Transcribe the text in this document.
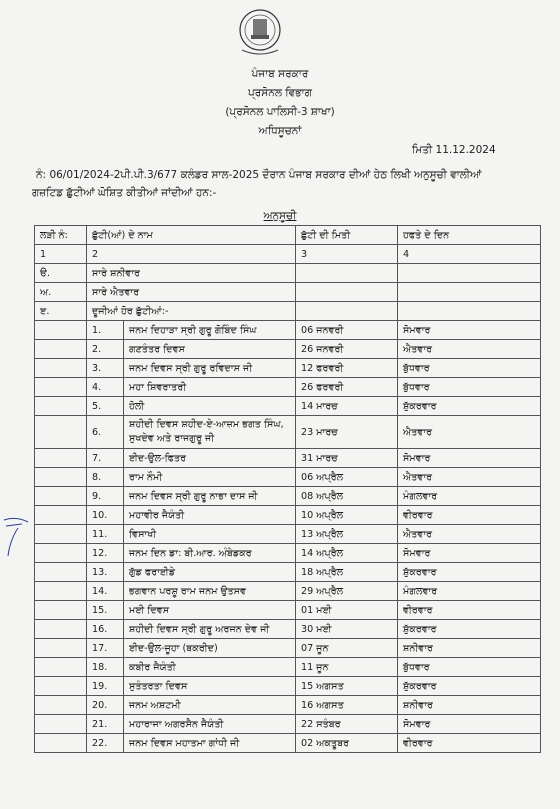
ਪੰਜਾਬ ਸਰਕਾਰ
ਪ੍ਰਸੋਨਲ ਵਿਭਾਗ
(ਪ੍ਰਸੋਨਲ ਪਾਲਿਸੀ-3 ਸ਼ਾਖਾ)
ਅਧਿਸੂਚਨਾਂ
ਮਿਤੀ 11.12.2024
ਨੰ: 06/01/2024-2ਪੀ.ਪੀ.3/677 ਕਲੰਡਰ ਸਾਲ-2025 ਦੌਰਾਨ ਪੰਜਾਬ ਸਰਕਾਰ ਦੀਆਂ ਹੇਠ ਲਿਖੀ ਅਨੁਸੂਚੀ ਵਾਲੀਆਂ
ਗਜ਼ਟਿਡ ਛੁੱਟੀਆਂ ਘੋਸ਼ਿਤ ਕੀਤੀਆਂ ਜਾਂਦੀਆਂ ਹਨ:-
ਅਨੁਸੂਚੀ
ਲੜੀ ਨੰ:	ਛੁੱਟੀ(ਆਂ) ਦੇ ਨਾਮ		ਛੁੱਟੀ ਦੀ ਮਿਤੀ	ਹਫਤੇ ਦੇ ਦਿਨ
1	2		3	4
ੳ.	ਸਾਰੇ ਸ਼ਨੀਵਾਰ			
ਅ.	ਸਾਰੇ ਐਤਵਾਰ			
ੲ.	ਦੂਜੀਆਂ ਹੋਰ ਛੁੱਟੀਆਂ:-			
	1.	ਜਨਮ ਦਿਹਾੜਾ ਸ੍ਰੀ ਗੁਰੂ ਗੋਬਿੰਦ ਸਿੰਘ	06 ਜਨਵਰੀ	ਸੋਮਵਾਰ
	2.	ਗਣਤੰਤਰ ਦਿਵਸ	26 ਜਨਵਰੀ	ਐਤਵਾਰ
	3.	ਜਨਮ ਦਿਵਸ ਸ੍ਰੀ ਗੁਰੂ ਰਵਿਦਾਸ ਜੀ	12 ਫਰਵਰੀ	ਬੁੱਧਵਾਰ
	4.	ਮਹਾ ਸ਼ਿਵਰਾਤਰੀ	26 ਫਰਵਰੀ	ਬੁੱਧਵਾਰ
	5.	ਹੋਲੀ	14 ਮਾਰਚ	ਸ਼ੁੱਕਰਵਾਰ
	6.	ਸ਼ਹੀਦੀ ਦਿਵਸ ਸ਼ਹੀਦ-ਏ-ਆਜ਼ਮ ਭਗਤ ਸਿੰਘ, ਸੁਖਦੇਵ ਅਤੇ ਰਾਜਗੁਰੂ ਜੀ	23 ਮਾਰਚ	ਐਤਵਾਰ
	7.	ਈਦ-ਉਲ-ਫਿਤਰ	31 ਮਾਰਚ	ਸੋਮਵਾਰ
	8.	ਰਾਮ ਨੌਮੀ	06 ਅਪ੍ਰੈਲ	ਐਤਵਾਰ
	9.	ਜਨਮ ਦਿਵਸ ਸ੍ਰੀ ਗੁਰੂ ਨਾਭਾ ਦਾਸ ਜੀ	08 ਅਪ੍ਰੈਲ	ਮੰਗਲਵਾਰ
	10.	ਮਹਾਵੀਰ ਜੈਯੰਤੀ	10 ਅਪ੍ਰੈਲ	ਵੀਰਵਾਰ
	11.	ਵਿਸਾਖੀ	13 ਅਪ੍ਰੈਲ	ਐਤਵਾਰ
	12.	ਜਨਮ ਦਿਨ ਡਾ: ਬੀ.ਆਰ. ਅੰਬੇਡਕਰ	14 ਅਪ੍ਰੈਲ	ਸੋਮਵਾਰ
	13.	ਗੁੱਡ ਫਰਾਈਡੇ	18 ਅਪ੍ਰੈਲ	ਸ਼ੁੱਕਰਵਾਰ
	14.	ਭਗਵਾਨ ਪਰਸ਼ੂ ਰਾਮ ਜਨਮ ਉਤਸਵ	29 ਅਪ੍ਰੈਲ	ਮੰਗਲਵਾਰ
	15.	ਮਈ ਦਿਵਸ	01 ਮਈ	ਵੀਰਵਾਰ
	16.	ਸ਼ਹੀਦੀ ਦਿਵਸ ਸ੍ਰੀ ਗੁਰੂ ਅਰਜਨ ਦੇਵ ਜੀ	30 ਮਈ	ਸ਼ੁੱਕਰਵਾਰ
	17.	ਈਦ-ਉਲ-ਜੂਹਾ (ਬਕਰੀਦ)	07 ਜੂਨ	ਸ਼ਨੀਵਾਰ
	18.	ਕਬੀਰ ਜੈਯੰਤੀ	11 ਜੂਨ	ਬੁੱਧਵਾਰ
	19.	ਸੁਤੰਤਰਤਾ ਦਿਵਸ	15 ਅਗਸਤ	ਸ਼ੁੱਕਰਵਾਰ
	20.	ਜਨਮ ਅਸ਼ਟਮੀ	16 ਅਗਸਤ	ਸ਼ਨੀਵਾਰ
	21.	ਮਹਾਰਾਜਾ ਅਗਰਸੈਨ ਜੈਯੰਤੀ	22 ਸਤੰਬਰ	ਸੋਮਵਾਰ
	22.	ਜਨਮ ਦਿਵਸ ਮਹਾਤਮਾ ਗਾਂਧੀ ਜੀ	02 ਅਕਤੂਬਰ	ਵੀਰਵਾਰ
